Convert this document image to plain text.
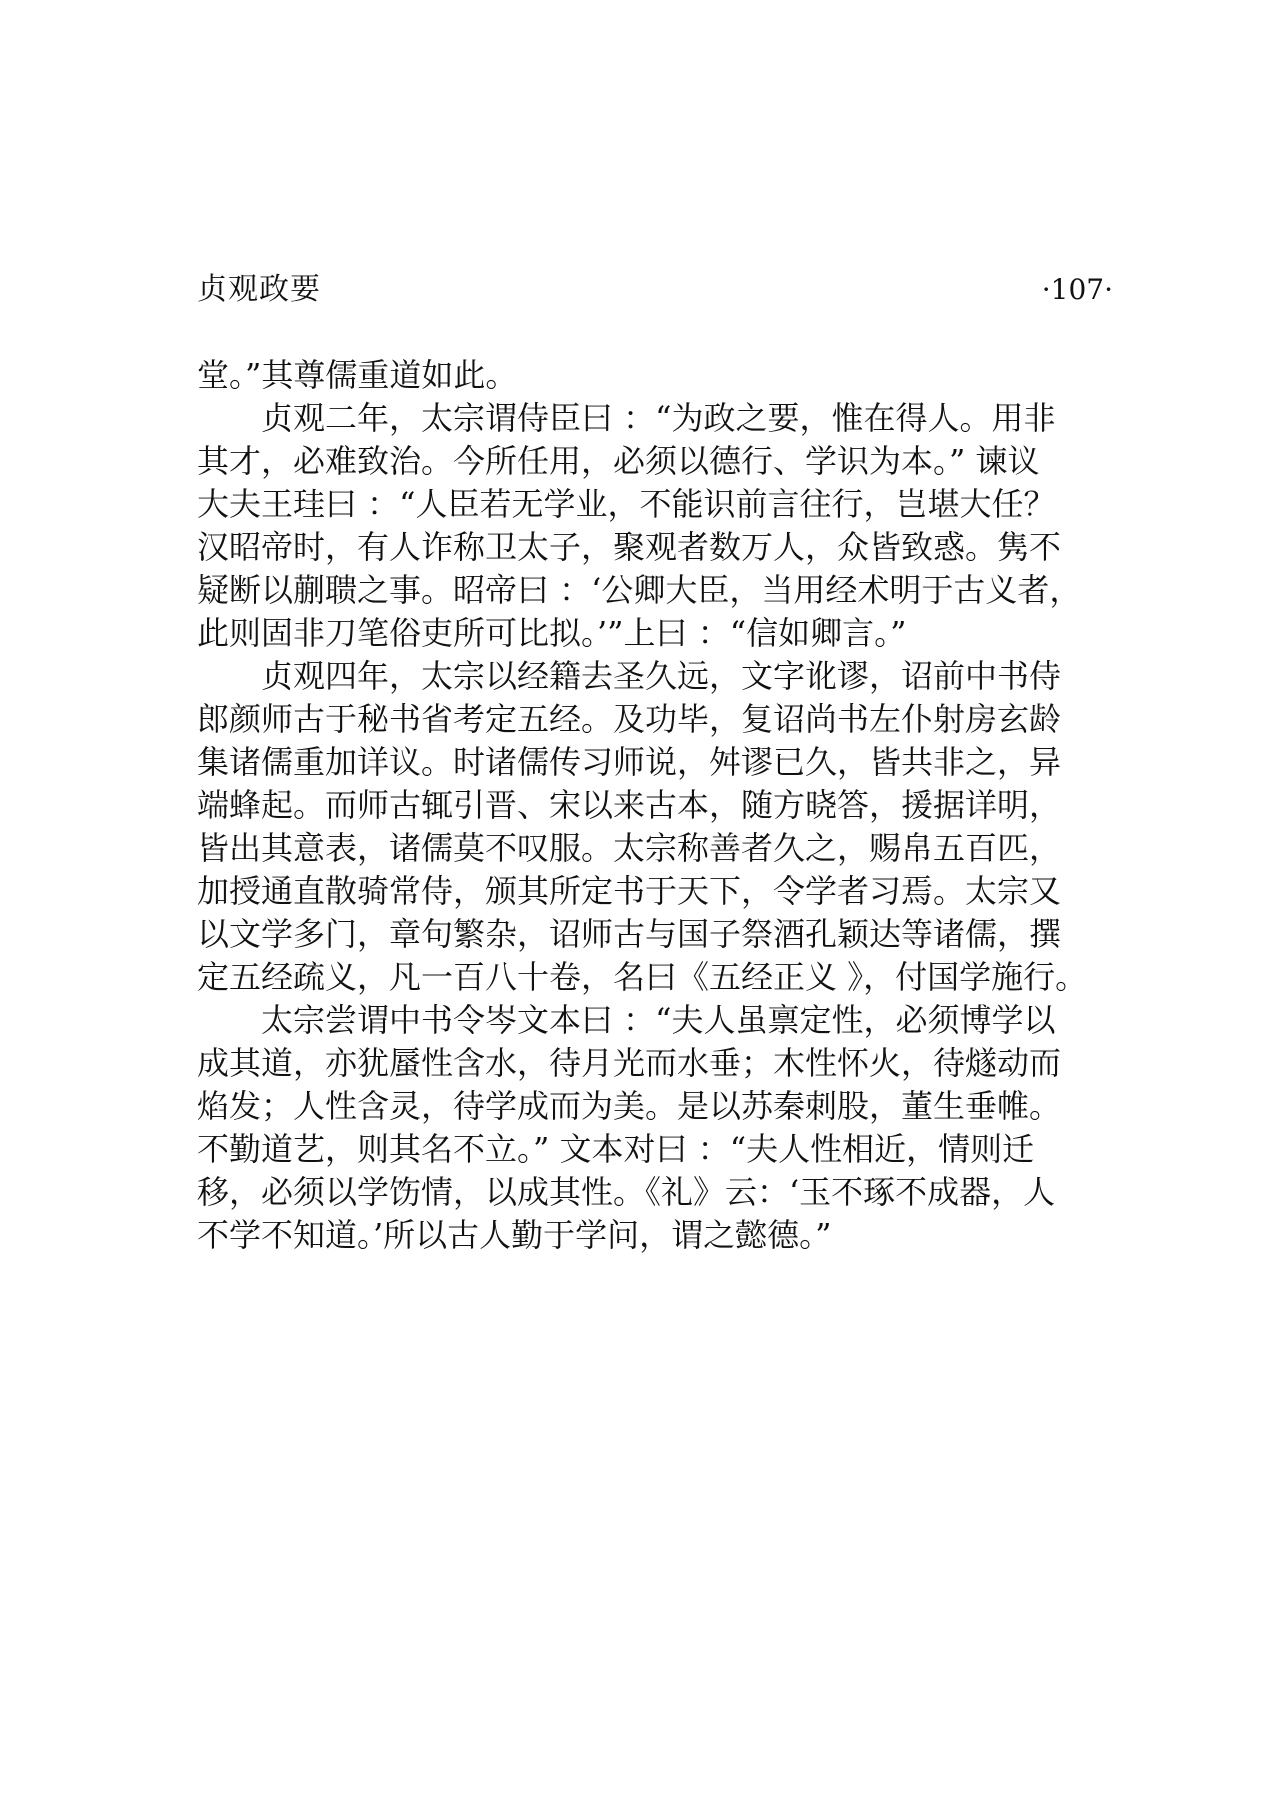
贞观政要	·107·
堂。”其尊儒重道如此。
贞观二年，太宗谓侍臣曰 ：“为政之要，惟在得人。用非
其才，必难致治。今所任用，必须以德行、学识为本。” 谏议
大夫王珪曰 ：“人臣若无学业，不能识前言往行，岂堪大任？
汉昭帝时，有人诈称卫太子，聚观者数万人，众皆致惑。隽不
疑断以蒯聩之事。昭帝曰 ：‘公卿大臣，当用经术明于古义者，
此则固非刀笔俗吏所可比拟。’”上曰 ：“信如卿言。”
贞观四年，太宗以经籍去圣久远，文字讹谬，诏前中书侍
郎颜师古于秘书省考定五经。及功毕，复诏尚书左仆射房玄龄
集诸儒重加详议。时诸儒传习师说，舛谬已久，皆共非之，异
端蜂起。而师古辄引晋、宋以来古本，随方晓答，援据详明，
皆出其意表，诸儒莫不叹服。太宗称善者久之，赐帛五百匹，
加授通直散骑常侍，颁其所定书于天下，令学者习焉。太宗又
以文学多门，章句繁杂，诏师古与国子祭酒孔颖达等诸儒，撰
定五经疏义，凡一百八十卷，名曰《五经正义 》，付国学施行。
太宗尝谓中书令岑文本曰 ：“夫人虽禀定性，必须博学以
成其道，亦犹蜃性含水，待月光而水垂；木性怀火，待燧动而
焰发；人性含灵，待学成而为美。是以苏秦刺股，董生垂帷。
不勤道艺，则其名不立。” 文本对曰 ：“夫人性相近，情则迁
移，必须以学饬情，以成其性。《礼》云：‘玉不琢不成器，人
不学不知道。’所以古人勤于学问，谓之懿德。”
